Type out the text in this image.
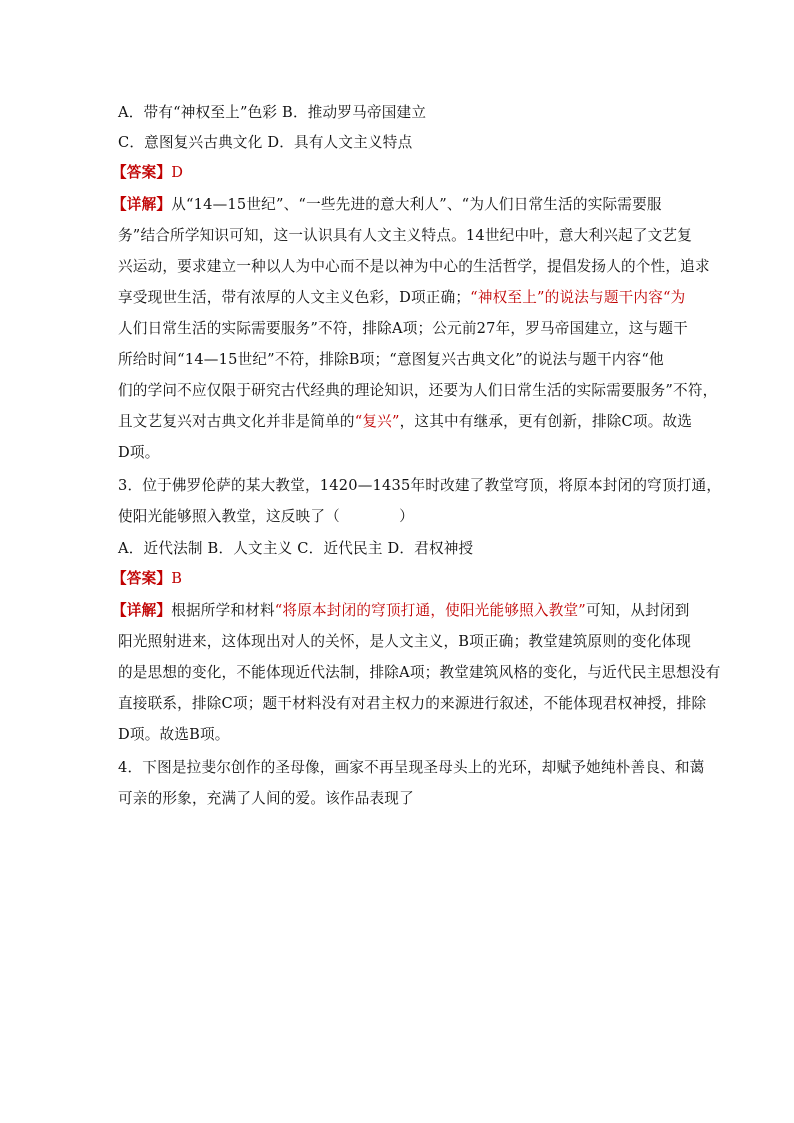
A．带有“神权至上”色彩 B．推动罗马帝国建立
C．意图复兴古典文化 D．具有人文主义特点
【答案】D
【详解】从“14—15世纪”、“一些先进的意大利人”、“为人们日常生活的实际需要服
务”结合所学知识可知，这一认识具有人文主义特点。14世纪中叶，意大利兴起了文艺复
兴运动，要求建立一种以人为中心而不是以神为中心的生活哲学，提倡发扬人的个性，追求
享受现世生活，带有浓厚的人文主义色彩，D项正确；“神权至上”的说法与题干内容“为
人们日常生活的实际需要服务”不符，排除A项；公元前27年，罗马帝国建立，这与题干
所给时间“14—15世纪”不符，排除B项；“意图复兴古典文化”的说法与题干内容“他
们的学问不应仅限于研究古代经典的理论知识，还要为人们日常生活的实际需要服务”不符，
且文艺复兴对古典文化并非是简单的“复兴”，这其中有继承，更有创新，排除C项。故选
D项。
3．位于佛罗伦萨的某大教堂，1420—1435年时改建了教堂穹顶，将原本封闭的穹顶打通，
使阳光能够照入教堂，这反映了（　　　　）
A．近代法制 B．人文主义 C．近代民主 D．君权神授
【答案】B
【详解】根据所学和材料“将原本封闭的穹顶打通，使阳光能够照入教堂”可知，从封闭到
阳光照射进来，这体现出对人的关怀，是人文主义，B项正确；教堂建筑原则的变化体现
的是思想的变化，不能体现近代法制，排除A项；教堂建筑风格的变化，与近代民主思想没有
直接联系，排除C项；题干材料没有对君主权力的来源进行叙述，不能体现君权神授，排除
D项。故选B项。
4．下图是拉斐尔创作的圣母像，画家不再呈现圣母头上的光环，却赋予她纯朴善良、和蔼
可亲的形象，充满了人间的爱。该作品表现了
